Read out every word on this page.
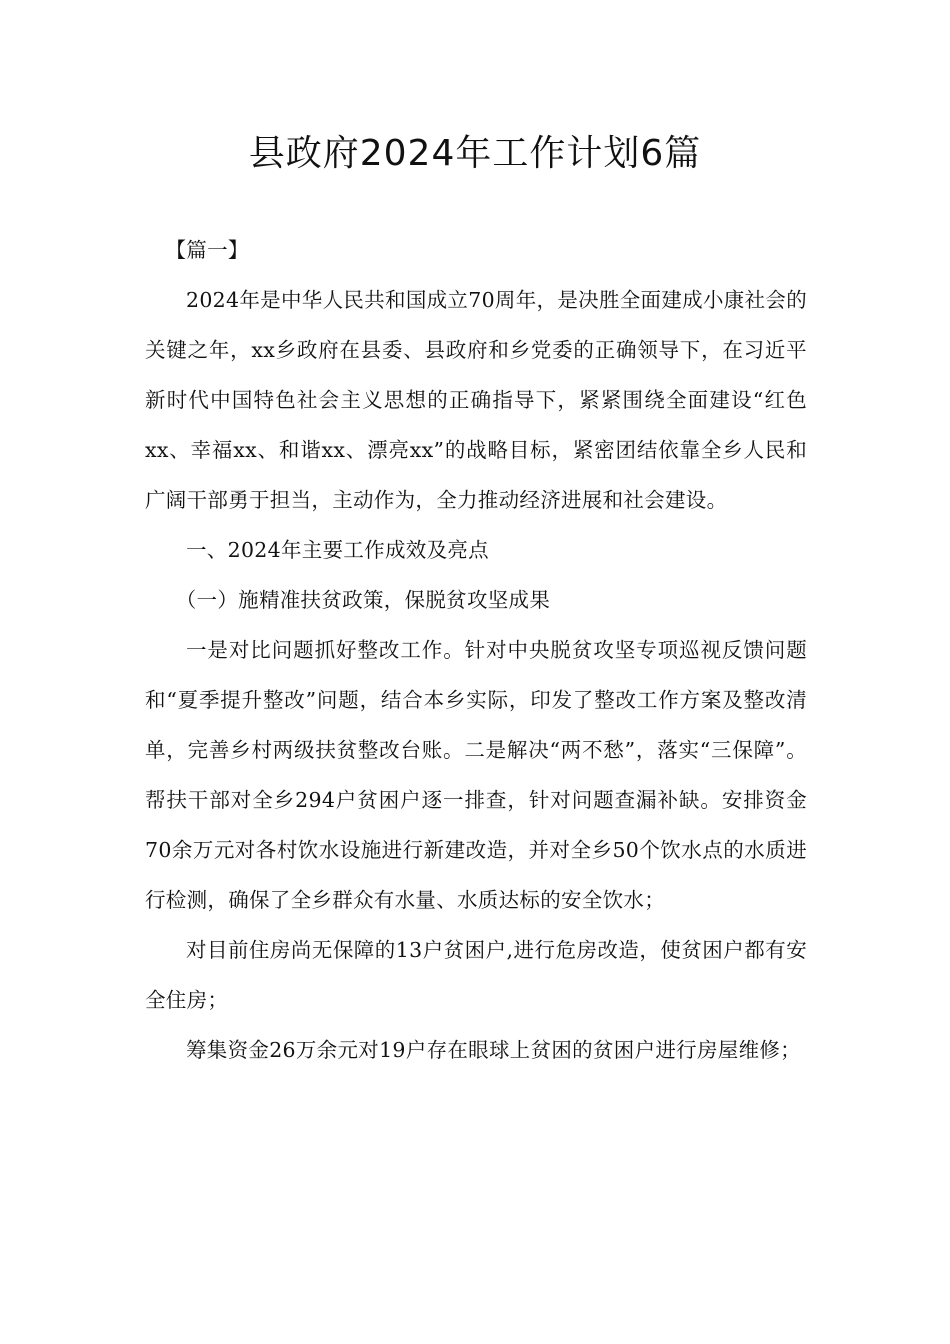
县政府2024年工作计划6篇

【篇一】

2024年是中华人民共和国成立70周年，是决胜全面建成小康社会的关键之年，xx乡政府在县委、县政府和乡党委的正确领导下，在习近平新时代中国特色社会主义思想的正确指导下，紧紧围绕全面建设“红色xx、幸福xx、和谐xx、漂亮xx”的战略目标，紧密团结依靠全乡人民和广阔干部勇于担当，主动作为，全力推动经济进展和社会建设。

一、2024年主要工作成效及亮点

（一）施精准扶贫政策，保脱贫攻坚成果

一是对比问题抓好整改工作。针对中央脱贫攻坚专项巡视反馈问题和“夏季提升整改”问题，结合本乡实际，印发了整改工作方案及整改清单，完善乡村两级扶贫整改台账。二是解决“两不愁”，落实“三保障”。帮扶干部对全乡294户贫困户逐一排查，针对问题查漏补缺。安排资金70余万元对各村饮水设施进行新建改造，并对全乡50个饮水点的水质进行检测，确保了全乡群众有水量、水质达标的安全饮水；

对目前住房尚无保障的13户贫困户,进行危房改造，使贫困户都有安全住房；

筹集资金26万余元对19户存在眼球上贫困的贫困户进行房屋维修；
